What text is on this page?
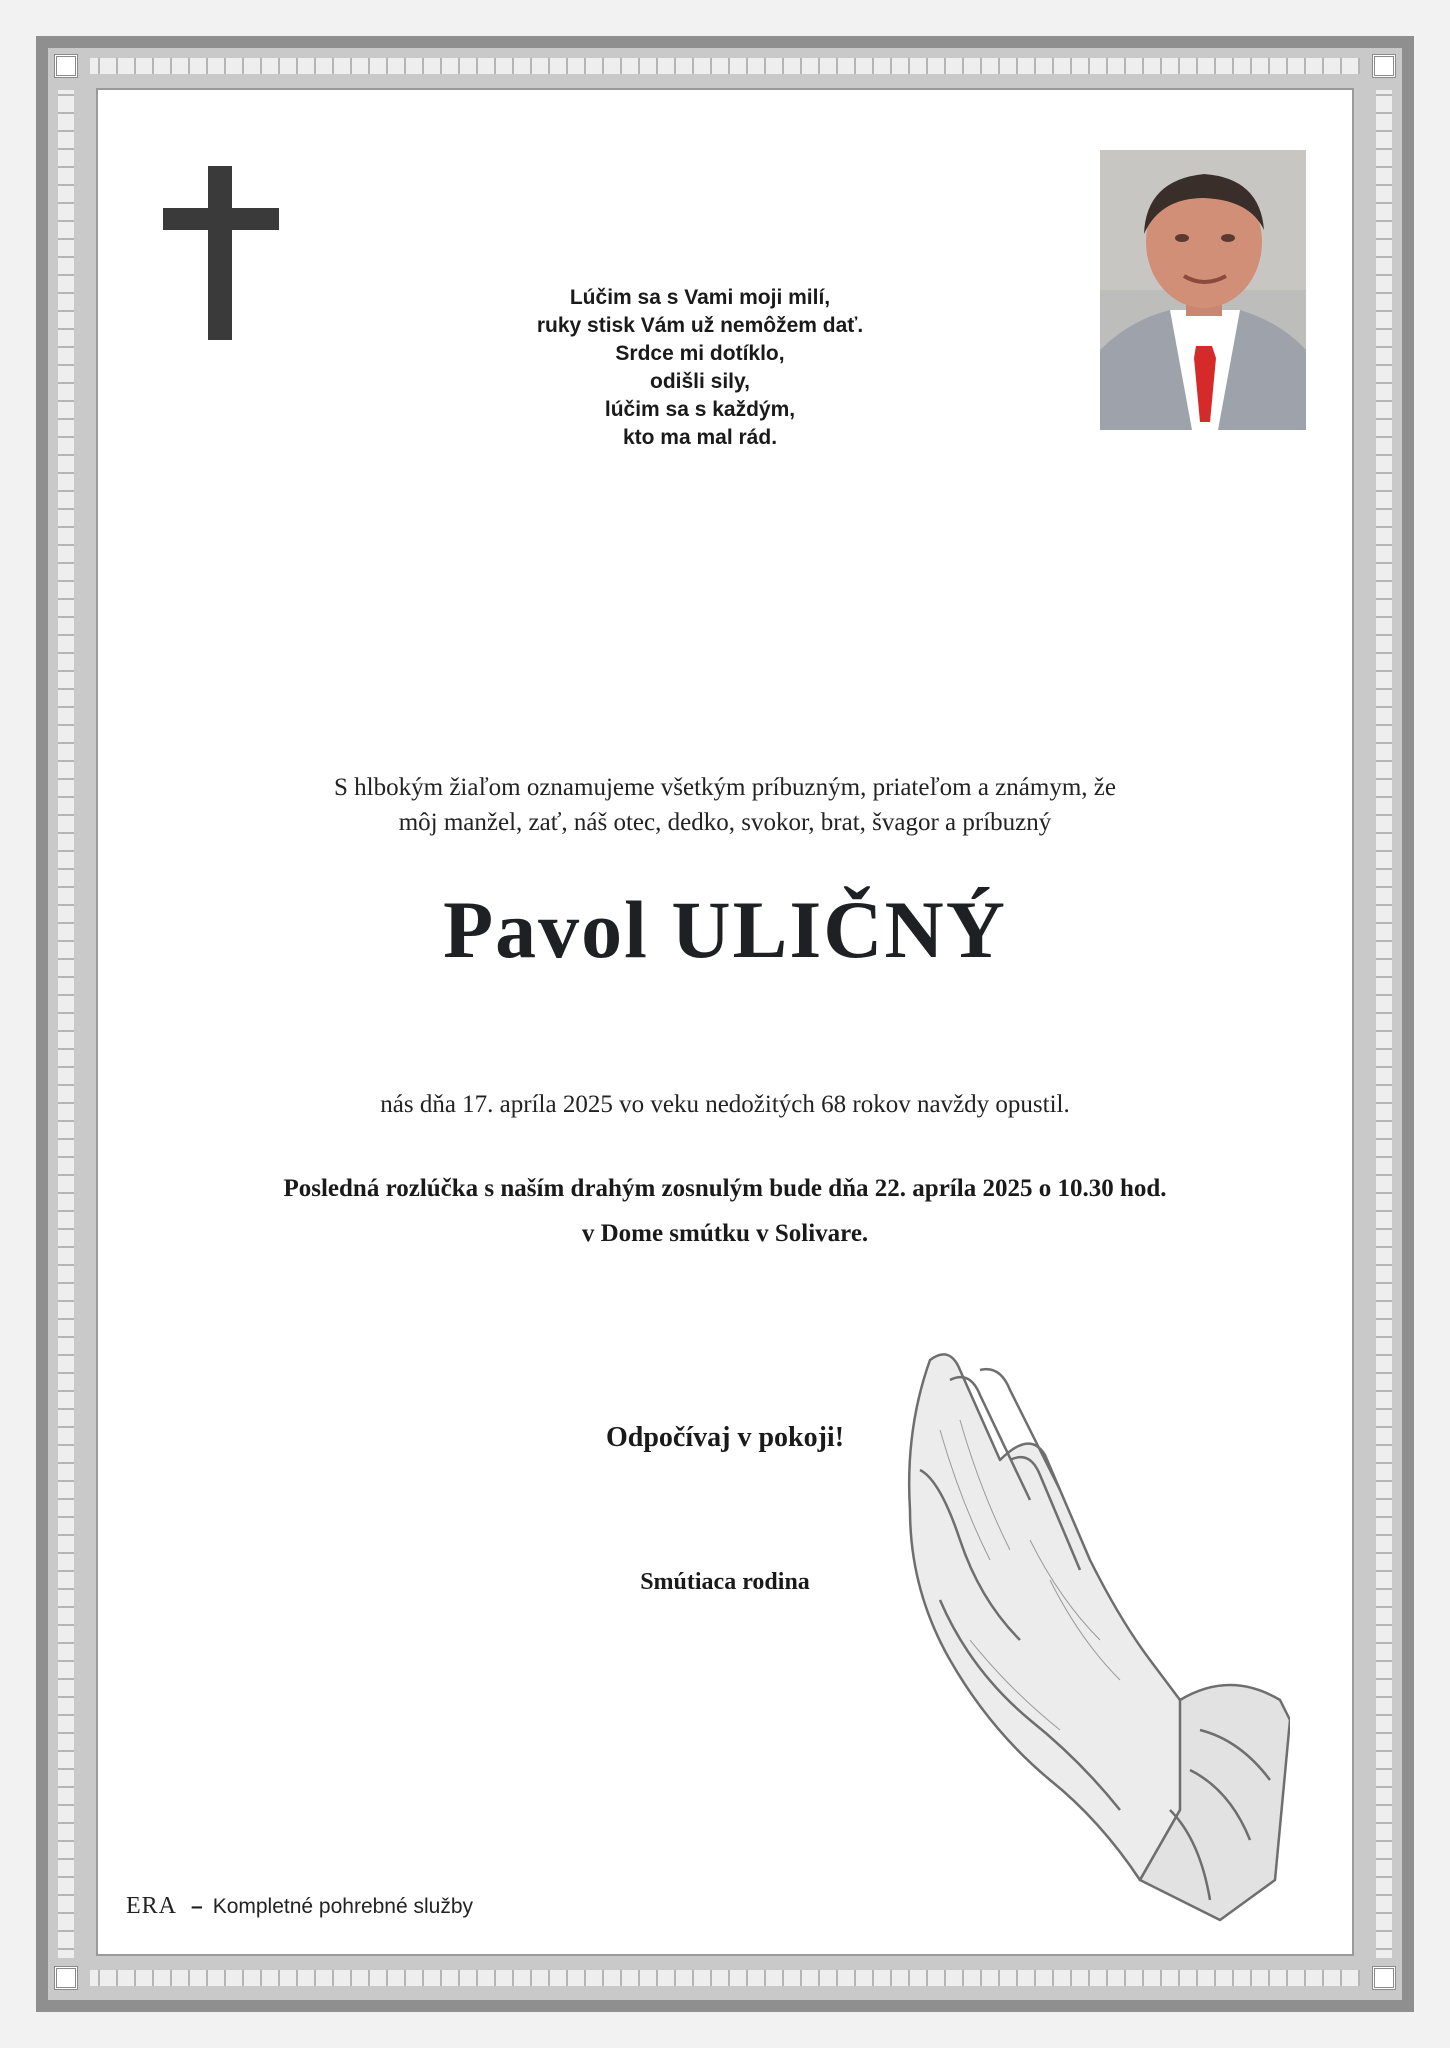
Lúčim sa s Vami moji milí,
ruky stisk Vám už nemôžem dať.
Srdce mi dotíklo,
odišli sily,
lúčim sa s každým,
kto ma mal rád.
S hlbokým žiaľom oznamujeme všetkým príbuzným, priateľom a známym, že
môj manžel, zať, náš otec, dedko, svokor, brat, švagor a príbuzný
Pavol ULIČNÝ
nás dňa 17. apríla 2025 vo veku nedožitých 68 rokov navždy opustil.
Posledná rozlúčka s naším drahým zosnulým bude dňa 22. apríla 2025 o 10.30 hod.
v Dome smútku v Solivare.
Odpočívaj v pokoji!
Smútiaca rodina
ERA – Kompletné pohrebné služby
